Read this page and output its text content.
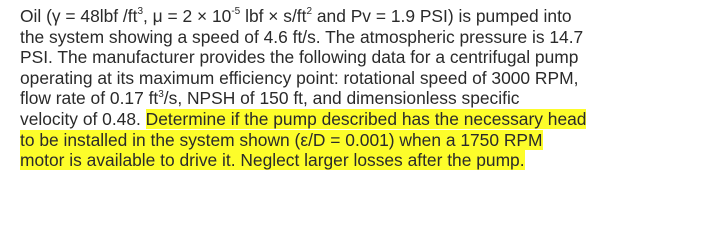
Oil (γ = 48lbf $/ft^3$, $\mu = 2 \times 10^{-5}$ lbf × $s/ft^2$ and Pv = 1.9 PSI) is pumped into
the system showing a speed of 4.6 ft/s. The atmospheric pressure is 14.7
PSI. The manufacturer provides the following data for a centrifugal pump
operating at its maximum efficiency point: rotational speed of 3000 RPM,
flow rate of 0.17 $ft^3/s$, NPSH of 150 ft, and dimensionless specific
velocity of 0.48. Determine if the pump described has the necessary head
to be installed in the system shown (ε/D = 0.001) when a 1750 RPM
motor is available to drive it. Neglect larger losses after the pump.
